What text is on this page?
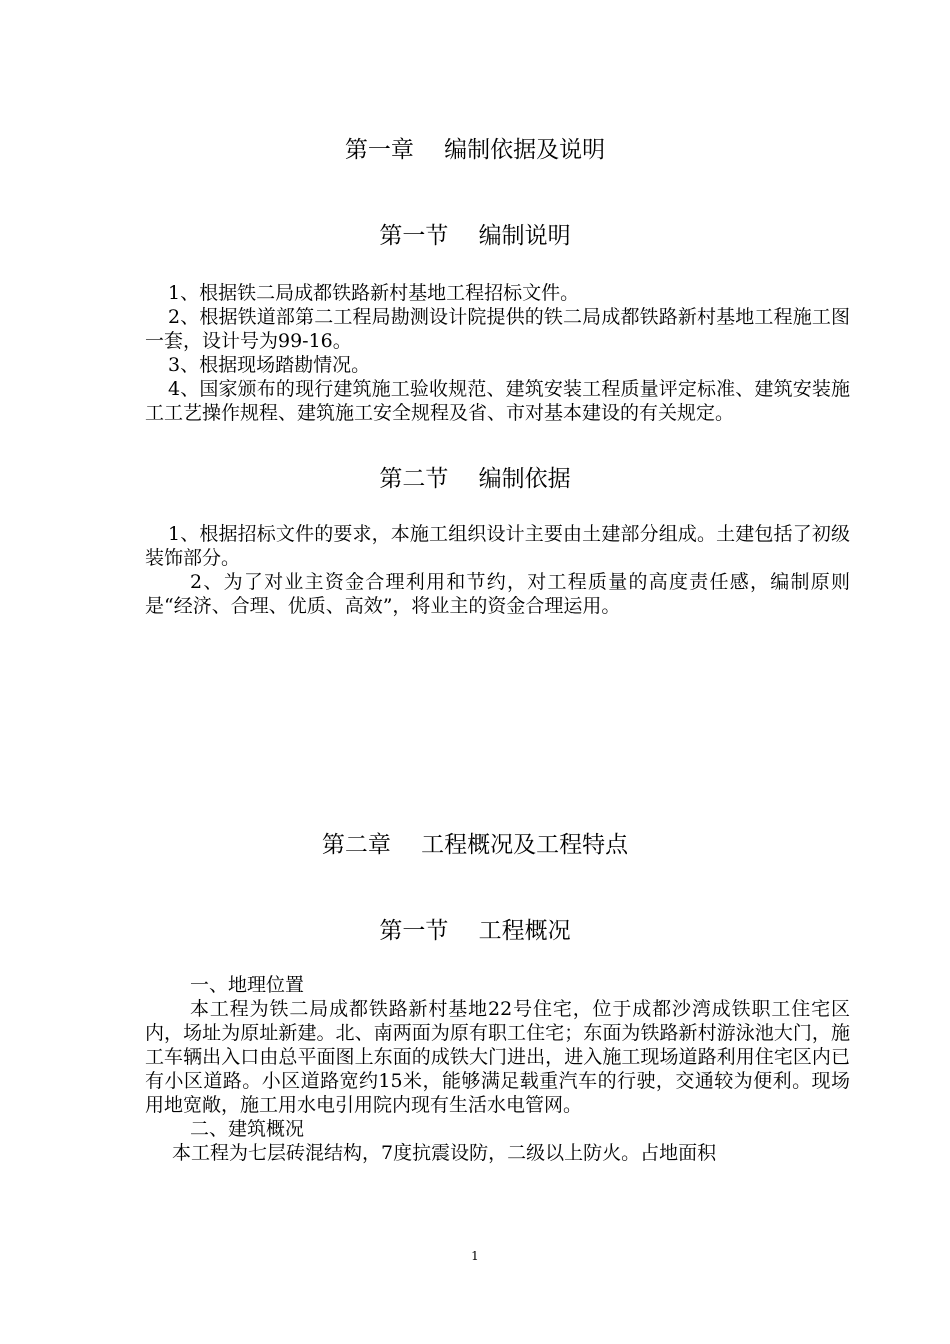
第一章　 编制依据及说明
第一节　 编制说明

1、根据铁二局成都铁路新村基地工程招标文件。

2、根据铁道部第二工程局勘测设计院提供的铁二局成都铁路新村基地工程施工图一套，设计号为99-16。

3、根据现场踏勘情况。

4、国家颁布的现行建筑施工验收规范、建筑安装工程质量评定标准、建筑安装施工工艺操作规程、建筑施工安全规程及省、市对基本建设的有关规定。

第二节　 编制依据

1、根据招标文件的要求，本施工组织设计主要由土建部分组成。土建包括了初级装饰部分。

2、为了对业主资金合理利用和节约，对工程质量的高度责任感，编制原则是“经济、合理、优质、高效”，将业主的资金合理运用。

第二章　 工程概况及工程特点
第一节　 工程概况

一、地理位置

本工程为铁二局成都铁路新村基地22号住宅，位于成都沙湾成铁职工住宅区内，场址为原址新建。北、南两面为原有职工住宅；东面为铁路新村游泳池大门，施工车辆出入口由总平面图上东面的成铁大门进出，进入施工现场道路利用住宅区内已有小区道路。小区道路宽约15米，能够满足载重汽车的行驶，交通较为便利。现场用地宽敞，施工用水电引用院内现有生活水电管网。

二、建筑概况

本工程为七层砖混结构，7度抗震设防，二级以上防火。占地面积

1
